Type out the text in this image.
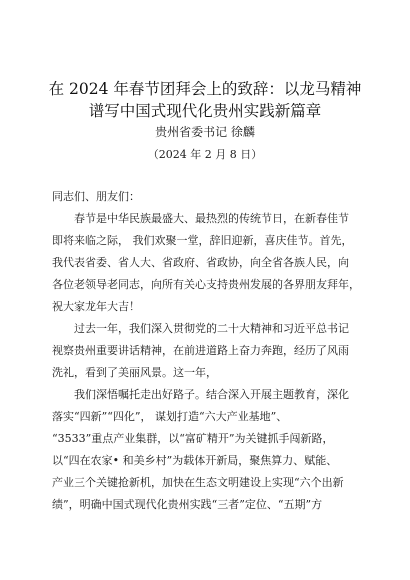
在 2024 年春节团拜会上的致辞：以龙马精神
谱写中国式现代化贵州实践新篇章
贵州省委书记 徐麟
（2024 年 2 月 8 日）
同志们、朋友们：
春节是中华民族最盛大、最热烈的传统节日，在新春佳节
即将来临之际， 我们欢聚一堂，辞旧迎新，喜庆佳节。首先，
我代表省委、省人大、省政府、省政协，向全省各族人民，向
各位老领导老同志，向所有关心支持贵州发展的各界朋友拜年，
祝大家龙年大吉！
过去一年，我们深入贯彻党的二十大精神和习近平总书记
视察贵州重要讲话精神，在前进道路上奋力奔跑，经历了风雨
洗礼，看到了美丽风景。这一年，
我们深悟嘱托走出好路子。结合深入开展主题教育，深化
落实“四新”“四化”， 谋划打造“六大产业基地”、
“3533”重点产业集群，以“富矿精开”为关键抓手闯新路，
以“四在农家• 和美乡村”为载体开新局，聚焦算力、赋能、
产业三个关键抢新机，加快在生态文明建设上实现“六个出新
绩”，明确中国式现代化贵州实践“三者”定位、“五期”方
